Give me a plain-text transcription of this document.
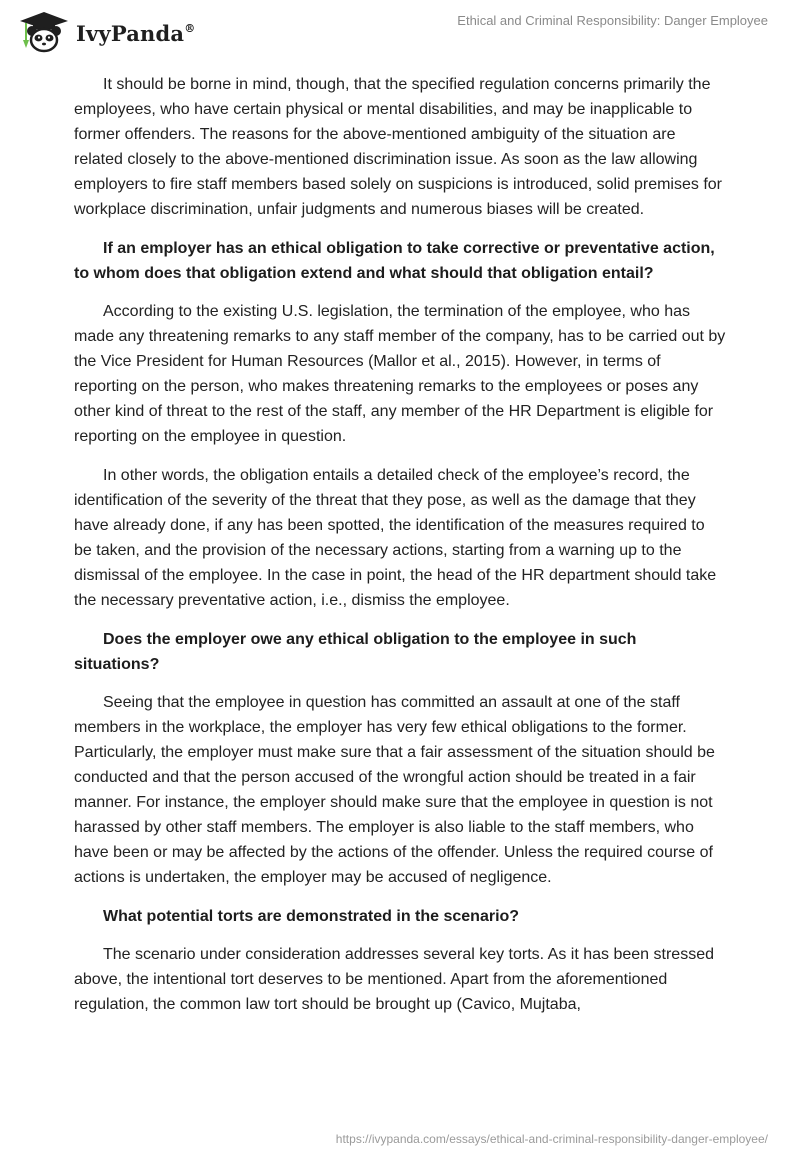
IvyPanda®	Ethical and Criminal Responsibility: Danger Employee

It should be borne in mind, though, that the specified regulation concerns primarily the employees, who have certain physical or mental disabilities, and may be inapplicable to former offenders. The reasons for the above-mentioned ambiguity of the situation are related closely to the above-mentioned discrimination issue. As soon as the law allowing employers to fire staff members based solely on suspicions is introduced, solid premises for workplace discrimination, unfair judgments and numerous biases will be created.

If an employer has an ethical obligation to take corrective or preventative action, to whom does that obligation extend and what should that obligation entail?

According to the existing U.S. legislation, the termination of the employee, who has made any threatening remarks to any staff member of the company, has to be carried out by the Vice President for Human Resources (Mallor et al., 2015). However, in terms of reporting on the person, who makes threatening remarks to the employees or poses any other kind of threat to the rest of the staff, any member of the HR Department is eligible for reporting on the employee in question.

In other words, the obligation entails a detailed check of the employee’s record, the identification of the severity of the threat that they pose, as well as the damage that they have already done, if any has been spotted, the identification of the measures required to be taken, and the provision of the necessary actions, starting from a warning up to the dismissal of the employee. In the case in point, the head of the HR department should take the necessary preventative action, i.e., dismiss the employee.

Does the employer owe any ethical obligation to the employee in such situations?

Seeing that the employee in question has committed an assault at one of the staff members in the workplace, the employer has very few ethical obligations to the former. Particularly, the employer must make sure that a fair assessment of the situation should be conducted and that the person accused of the wrongful action should be treated in a fair manner. For instance, the employer should make sure that the employee in question is not harassed by other staff members. The employer is also liable to the staff members, who have been or may be affected by the actions of the offender. Unless the required course of actions is undertaken, the employer may be accused of negligence.

What potential torts are demonstrated in the scenario?

The scenario under consideration addresses several key torts. As it has been stressed above, the intentional tort deserves to be mentioned. Apart from the aforementioned regulation, the common law tort should be brought up (Cavico, Mujtaba,

https://ivypanda.com/essays/ethical-and-criminal-responsibility-danger-employee/
